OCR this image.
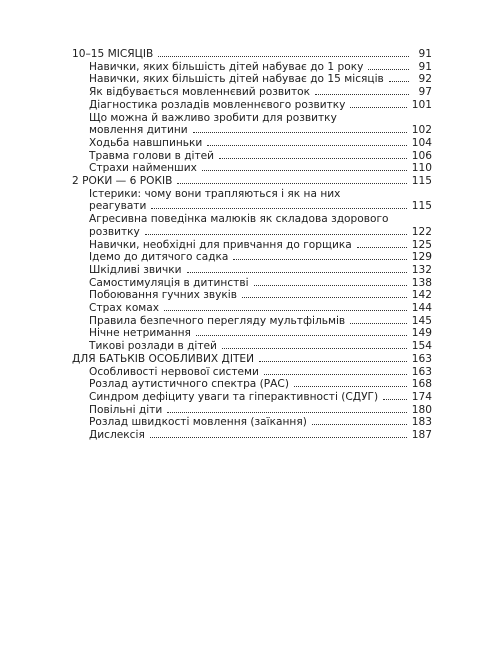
10–15 МІСЯЦІВ	91
Навички, яких більшість дітей набуває до 1 року	91
Навички, яких більшість дітей набуває до 15 місяців	92
Як відбувається мовленнєвий розвиток	97
Діагностика розладів мовленнєвого розвитку	101
Що можна й важливо зробити для розвитку
мовлення дитини	102
Ходьба навшпиньки	104
Травма голови в дітей	106
Страхи найменших	110
2 РОКИ — 6 РОКІВ	115
Істерики: чому вони трапляються і як на них
реагувати	115
Агресивна поведінка малюків як складова здорового
розвитку	122
Навички, необхідні для привчання до горщика	125
Ідемо до дитячого садка	129
Шкідливі звички	132
Самостимуляція в дитинстві	138
Побоювання гучних звуків	142
Страх комах	144
Правила безпечного перегляду мультфільмів	145
Нічне нетримання	149
Тикові розлади в дітей	154
ДЛЯ БАТЬКІВ ОСОБЛИВИХ ДІТЕЙ	163
Особливості нервової системи	163
Розлад аутистичного спектра (РАС)	168
Синдром дефіциту уваги та гіперактивності (СДУГ)	174
Повільні діти	180
Розлад швидкості мовлення (заїкання)	183
Дислексія	187
